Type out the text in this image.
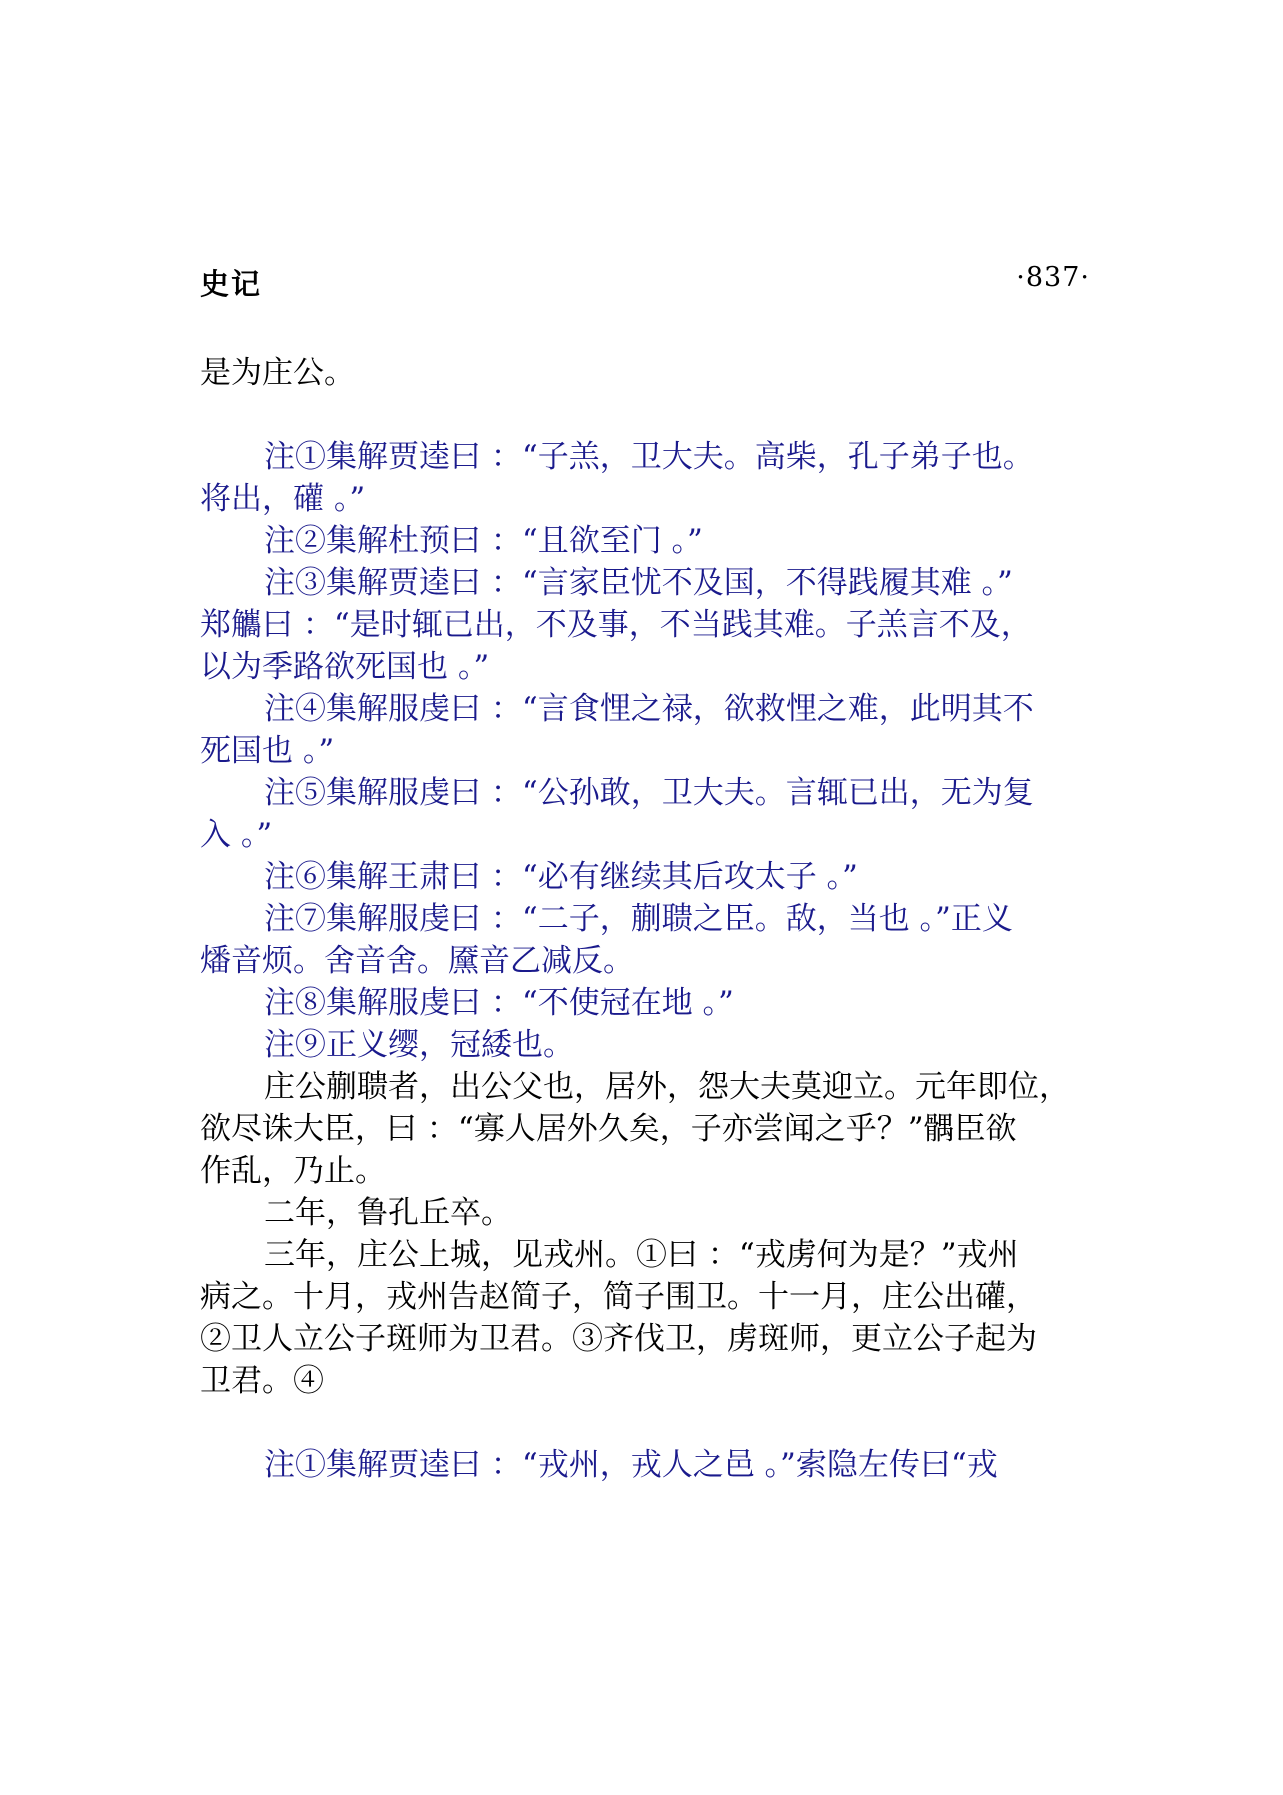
史记	·837·
是为庄公。
注①集解贾逵曰 ：“子羔，卫大夫。高柴，孔子弟子也。
将出，礶 。”
注②集解杜预曰 ：“且欲至门 。”
注③集解贾逵曰 ：“言家臣忧不及国，不得践履其难 。”
郑觿曰 ：“是时辄已出，不及事，不当践其难。子羔言不及，
以为季路欲死国也 。”
注④集解服虔曰 ：“言食悝之禄，欲救悝之难，此明其不
死国也 。”
注⑤集解服虔曰 ：“公孙敢，卫大夫。言辄已出，无为复
入 。”
注⑥集解王肃曰 ：“必有继续其后攻太子 。”
注⑦集解服虔曰 ：“二子，蒯聩之臣。敌，当也 。”正义
燔音烦。舍音舍。黡音乙减反。
注⑧集解服虔曰 ：“不使冠在地 。”
注⑨正义缨，冠緌也。
庄公蒯聩者，出公父也，居外，怨大夫莫迎立。元年即位，
欲尽诛大臣，曰 ：“寡人居外久矣，子亦尝闻之乎？”髃臣欲
作乱，乃止。
二年，鲁孔丘卒。
三年，庄公上城，见戎州。①曰 ：“戎虏何为是？”戎州
病之。十月，戎州告赵简子，简子围卫。十一月，庄公出礶，
②卫人立公子斑师为卫君。③齐伐卫，虏斑师，更立公子起为
卫君。④
注①集解贾逵曰 ：“戎州，戎人之邑 。”索隐左传曰“戎
